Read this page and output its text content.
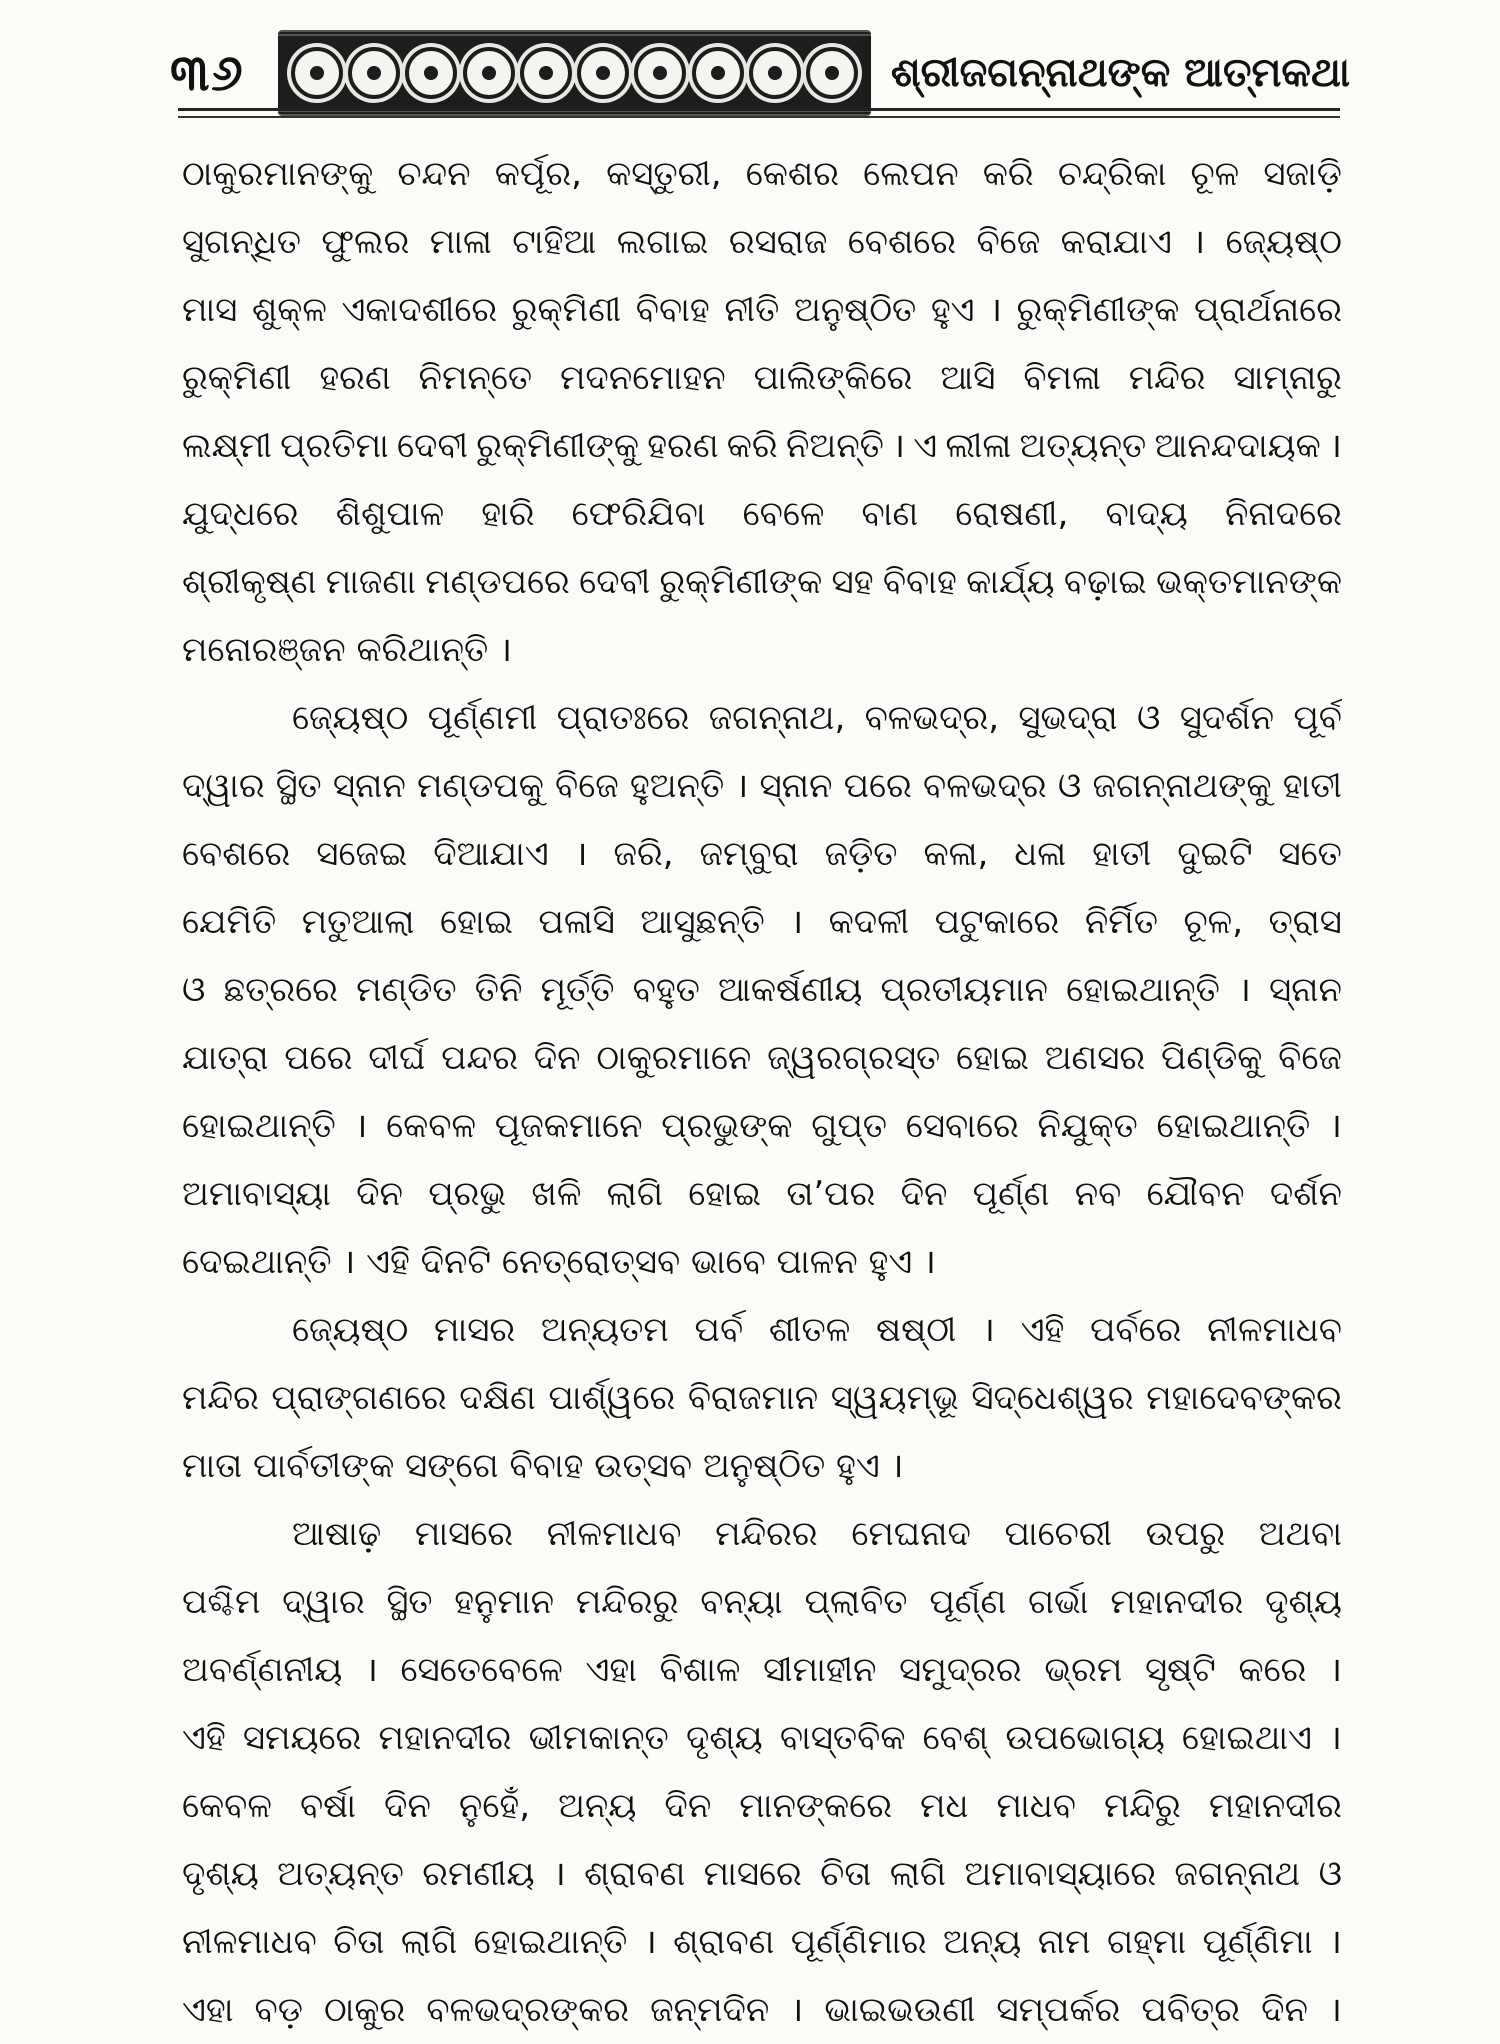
୩୬	ଶ୍ରୀଜଗନ୍ନାଥଙ୍କ ଆତ୍ମକଥା
ଠାକୁରମାନଙ୍କୁ ଚନ୍ଦନ କର୍ପୂର, କସ୍ତୁରୀ, କେଶର ଲେପନ କରି ଚନ୍ଦ୍ରିକା ଚୂଳ ସଜାଡ଼ି
ସୁଗନ୍ଧିତ ଫୁଲର ମାଳା ଟାହିଆ ଲଗାଇ ରସରାଜ ବେଶରେ ବିଜେ କରାଯାଏ । ଜ୍ୟେଷ୍ଠ
ମାସ ଶୁକ୍ଳ ଏକାଦଶୀରେ ରୁକ୍ମିଣୀ ବିବାହ ନୀତି ଅନୁଷ୍ଠିତ ହୁଏ । ରୁକ୍ମିଣୀଙ୍କ ପ୍ରାର୍ଥନାରେ
ରୁକ୍ମିଣୀ ହରଣ ନିମନ୍ତେ ମଦନମୋହନ ପାଲିଙ୍କିରେ ଆସି ବିମଳା ମନ୍ଦିର ସାମ୍ନାରୁ
ଲକ୍ଷ୍ମୀ ପ୍ରତିମା ଦେବୀ ରୁକ୍ମିଣୀଙ୍କୁ ହରଣ କରି ନିଅନ୍ତି । ଏ ଲୀଳା ଅତ୍ୟନ୍ତ ଆନନ୍ଦଦାୟକ ।
ଯୁଦ୍ଧରେ ଶିଶୁପାଳ ହାରି ଫେରିଯିବା ବେଳେ ବାଣ ରୋଷଣୀ, ବାଦ୍ୟ ନିନାଦରେ
ଶ୍ରୀକୃଷ୍ଣ ମାଜଣା ମଣ୍ଡପରେ ଦେବୀ ରୁକ୍ମିଣୀଙ୍କ ସହ ବିବାହ କାର୍ଯ୍ୟ ବଢ଼ାଇ ଭକ୍ତମାନଙ୍କ
ମନୋରଞ୍ଜନ କରିଥାନ୍ତି ।
ଜ୍ୟେଷ୍ଠ ପୂର୍ଣ୍ଣମୀ ପ୍ରାତଃରେ ଜଗନ୍ନାଥ, ବଳଭଦ୍ର, ସୁଭଦ୍ରା ଓ ସୁଦର୍ଶନ ପୂର୍ବ
ଦ୍ୱାର ସ୍ଥିତ ସ୍ନାନ ମଣ୍ଡପକୁ ବିଜେ ହୁଅନ୍ତି । ସ୍ନାନ ପରେ ବଳଭଦ୍ର ଓ ଜଗନ୍ନାଥଙ୍କୁ ହାତୀ
ବେଶରେ ସଜେଇ ଦିଆଯାଏ । ଜରି, ଜମ୍ବୁରା ଜଡ଼ିତ କଳା, ଧଳା ହାତୀ ଦୁଇଟି ସତେ
ଯେମିତି ମତୁଆଲା ହୋଇ ପଳାସି ଆସୁଛନ୍ତି । କଦଳୀ ପଟୁକାରେ ନିର୍ମିତ ଚୂଳ, ତ୍ରାସ
ଓ ଛତ୍ରରେ ମଣ୍ଡିତ ତିନି ମୂର୍ତ୍ତି ବହୁତ ଆକର୍ଷଣୀୟ ପ୍ରତୀୟମାନ ହୋଇଥାନ୍ତି । ସ୍ନାନ
ଯାତ୍ରା ପରେ ଦୀର୍ଘ ପନ୍ଦର ଦିନ ଠାକୁରମାନେ ଜ୍ୱରଗ୍ରସ୍ତ ହୋଇ ଅଣସର ପିଣ୍ଡିକୁ ବିଜେ
ହୋଇଥାନ୍ତି । କେବଳ ପୂଜକମାନେ ପ୍ରଭୁଙ୍କ ଗୁପ୍ତ ସେବାରେ ନିଯୁକ୍ତ ହୋଇଥାନ୍ତି ।
ଅମାବାସ୍ୟା ଦିନ ପ୍ରଭୁ ଖଳି ଲାଗି ହୋଇ ତା’ପର ଦିନ ପୂର୍ଣ୍ଣ ନବ ଯୌବନ ଦର୍ଶନ
ଦେଇଥାନ୍ତି । ଏହି ଦିନଟି ନେତ୍ରୋତ୍ସବ ଭାବେ ପାଳନ ହୁଏ ।
ଜ୍ୟେଷ୍ଠ ମାସର ଅନ୍ୟତମ ପର୍ବ ଶୀତଳ ଷଷ୍ଠୀ । ଏହି ପର୍ବରେ ନୀଳମାଧବ
ମନ୍ଦିର ପ୍ରାଙ୍ଗଣରେ ଦକ୍ଷିଣ ପାର୍ଶ୍ୱରେ ବିରାଜମାନ ସ୍ୱୟମ୍ଭୂ ସିଦ୍ଧେଶ୍ୱର ମହାଦେବଙ୍କର
ମାତା ପାର୍ବତୀଙ୍କ ସଙ୍ଗେ ବିବାହ ଉତ୍ସବ ଅନୁଷ୍ଠିତ ହୁଏ ।
ଆଷାଢ଼ ମାସରେ ନୀଳମାଧବ ମନ୍ଦିରର ମେଘନାଦ ପାଚେରୀ ଉପରୁ ଅଥବା
ପଶ୍ଚିମ ଦ୍ୱାର ସ୍ଥିତ ହନୁମାନ ମନ୍ଦିରରୁ ବନ୍ୟା ପ୍ଲାବିତ ପୂର୍ଣ୍ଣ ଗର୍ଭା ମହାନଦୀର ଦୃଶ୍ୟ
ଅବର୍ଣ୍ଣନୀୟ । ସେତେବେଳେ ଏହା ବିଶାଳ ସୀମାହୀନ ସମୁଦ୍ରର ଭ୍ରମ ସୃଷ୍ଟି କରେ ।
ଏହି ସମୟରେ ମହାନଦୀର ଭୀମକାନ୍ତ ଦୃଶ୍ୟ ବାସ୍ତବିକ ବେଶ୍ ଉପଭୋଗ୍ୟ ହୋଇଥାଏ ।
କେବଳ ବର୍ଷା ଦିନ ନୁହେଁ, ଅନ୍ୟ ଦିନ ମାନଙ୍କରେ ମଧ ମାଧବ ମନ୍ଦିରୁ ମହାନଦୀର
ଦୃଶ୍ୟ ଅତ୍ୟନ୍ତ ରମଣୀୟ । ଶ୍ରାବଣ ମାସରେ ଚିତା ଲାଗି ଅମାବାସ୍ୟାରେ ଜଗନ୍ନାଥ ଓ
ନୀଳମାଧବ ଚିତା ଲାଗି ହୋଇଥାନ୍ତି । ଶ୍ରାବଣ ପୂର୍ଣ୍ଣିମାର ଅନ୍ୟ ନାମ ଗହ୍ମା ପୂର୍ଣ୍ଣିମା ।
ଏହା ବଡ଼ ଠାକୁର ବଳଭଦ୍ରଙ୍କର ଜନ୍ମଦିନ । ଭାଇଭଉଣୀ ସମ୍ପର୍କର ପବିତ୍ର ଦିନ ।
